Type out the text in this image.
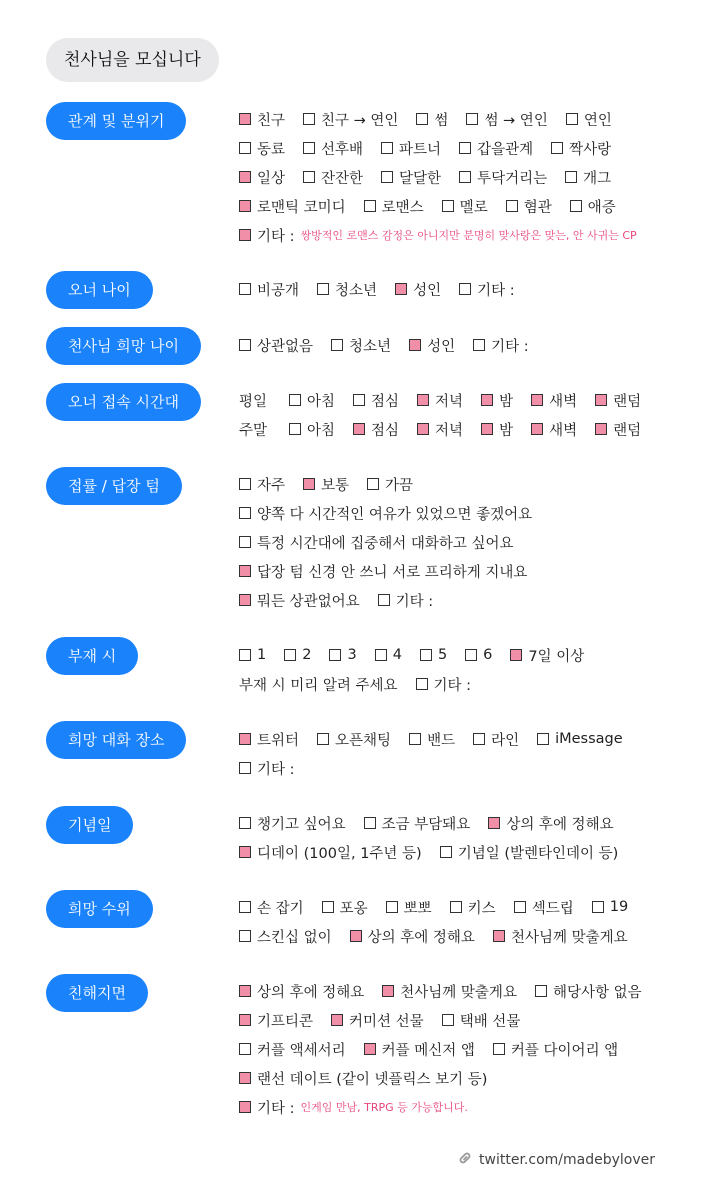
천사님을 모십니다
관계 및 분위기
오너 나이
천사님 희망 나이
오너 접속 시간대
접률 / 답장 텀
부재 시
희망 대화 장소
기념일
희망 수위
친해지면
친구 친구 → 연인 썸 썸 → 연인 연인
동료 선후배 파트너 갑을관계 짝사랑
일상 잔잔한 달달한 투닥거리는 개그
로맨틱 코미디 로맨스 멜로 혐관 애증
기타 : 쌍방적인 로맨스 감정은 아니지만 분명히 맞사랑은 맞는, 안 사귀는 CP
비공개 청소년 성인 기타 :
상관없음 청소년 성인 기타 :
평일	아침 점심 저녁 밤 새벽 랜덤
주말	아침 점심 저녁 밤 새벽 랜덤
자주 보통 가끔
양쪽 다 시간적인 여유가 있었으면 좋겠어요
특정 시간대에 집중해서 대화하고 싶어요
답장 텀 신경 안 쓰니 서로 프리하게 지내요
뭐든 상관없어요 기타 :
1 2 3 4 5 6 7일 이상
부재 시 미리 알려 주세요 기타 :
트위터 오픈채팅 밴드 라인 iMessage
기타 :
챙기고 싶어요 조금 부담돼요 상의 후에 정해요
디데이 (100일, 1주년 등) 기념일 (발렌타인데이 등)
손 잡기 포옹 뽀뽀 키스 섹드립 19
스킨십 없이 상의 후에 정해요 천사님께 맞출게요
상의 후에 정해요 천사님께 맞출게요 해당사항 없음
기프티콘 커미션 선물 택배 선물
커플 액세서리 커플 메신저 앱 커플 다이어리 앱
랜선 데이트 (같이 넷플릭스 보기 등)
기타 : 인게임 만남, TRPG 등 가능합니다.
twitter.com/madebylover
